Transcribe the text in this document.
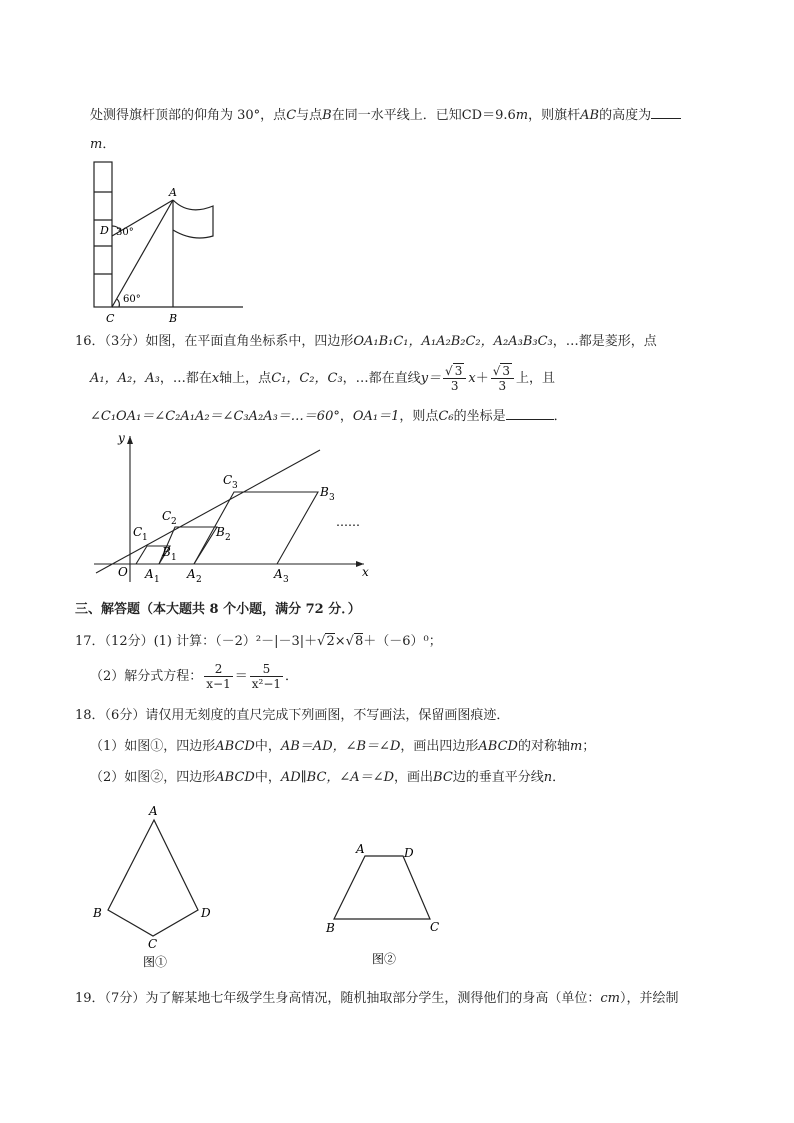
处测得旗杆顶部的仰角为 30°，点C与点B在同一水平线上．已知CD＝9.6m，则旗杆AB的高度为
m．
A
D 30°
60°
C	B
16．（3分）如图，在平面直角坐标系中，四边形OA₁B₁C₁，A₁A₂B₂C₂，A₂A₃B₃C₃，…都是菱形，点
A₁，A₂，A₃，…都在x轴上，点C₁，C₂，C₃，…都在直线$y= \frac{√ 3}{3} x+ \frac{√ 3}{3}$ 上，且
∠C₁OA₁＝∠C₂A₁A₂＝∠C₃A₂A₃＝…＝60°，OA₁＝1，则点C₆的坐标是	．
y
x
O A 1 A 2	A 3
B 1
B 2
B 3
C 1
C 2
C 3
……
三、解答题（本大题共 8 个小题，满分 72 分．）
17．（12分）(1) 计算：（－2）²－|－3|＋√2×√8＋（－6）⁰；
（2）解分式方程： $\frac{2}{x-1} = \frac{5}{\text{x²−1}}$ ．
18．（6分）请仅用无刻度的直尺完成下列画图，不写画法，保留画图痕迹．
（1）如图①，四边形ABCD中，AB＝AD，∠B＝∠D，画出四边形ABCD的对称轴m；
（2）如图②，四边形ABCD中，AD∥BC，∠A＝∠D，画出BC边的垂直平分线n．
A
B
C
D
图①
A	D
B	C
图②
19．（7分）为了解某地七年级学生身高情况，随机抽取部分学生，测得他们的身高（单位：cm），并绘制
